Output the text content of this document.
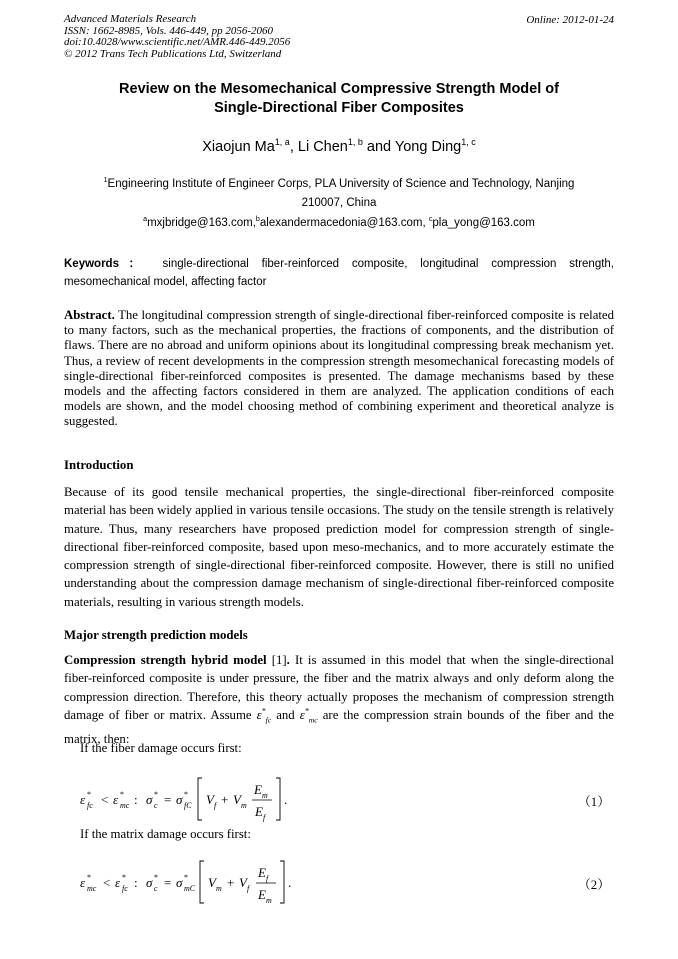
Advanced Materials Research
ISSN: 1662-8985, Vols. 446-449, pp 2056-2060
doi:10.4028/www.scientific.net/AMR.446-449.2056
© 2012 Trans Tech Publications Ltd, Switzerland
Online: 2012-01-24
Review on the Mesomechanical Compressive Strength Model of
Single-Directional Fiber Composites
Xiaojun Ma$^{1, a}$, Li Chen$^{1, b}$ and Yong Ding$^{1, c}$
$^1$Engineering Institute of Engineer Corps, PLA University of Science and Technology, Nanjing
210007, China
$^a$mxjbridge@163.com,$^b$alexandermacedonia@163.com, $^c$pla_yong@163.com
Keywords： single-directional fiber-reinforced composite, longitudinal compression strength, mesomechanical model, affecting factor
Abstract. The longitudinal compression strength of single-directional fiber-reinforced composite is related to many factors, such as the mechanical properties, the fractions of components, and the distribution of flaws. There are no abroad and uniform opinions about its longitudinal compressing break mechanism yet. Thus, a review of recent developments in the compression strength mesomechanical forecasting models of single-directional fiber-reinforced composites is presented. The damage mechanisms based by these models and the affecting factors considered in them are analyzed. The application conditions of each models are shown, and the model choosing method of combining experiment and theoretical analyze is suggested.
Introduction
Because of its good tensile mechanical properties, the single-directional fiber-reinforced composite material has been widely applied in various tensile occasions. The study on the tensile strength is relatively mature. Thus, many researchers have proposed prediction model for compression strength of single-directional fiber-reinforced composite, based upon meso-mechanics, and to more accurately estimate the compression strength of single-directional fiber-reinforced composite. However, there is still no unified understanding about the compression damage mechanism of single-directional fiber-reinforced composite materials, resulting in various strength models.
Major strength prediction models
Compression strength hybrid model [1]. It is assumed in this model that when the single-directional fiber-reinforced composite is under pressure, the fiber and the matrix always and only deform along the compression direction. Therefore, this theory actually proposes the mechanism of compression strength damage of fiber or matrix. Assume $\varepsilon^*_{fc}$ and $\varepsilon^*_{mc}$ are the compression strain bounds of the fiber and the matrix, then:
If the fiber damage occurs first:
ε *
fc < ε *
mc : σ *
c = σ *
fC V f + V m
E m
E f
.	（1）
If the matrix damage occurs first:
ε *
mc < ε *
fc : σ *
c = σ *
mC V m + V f
E f
E m
.	（2）
